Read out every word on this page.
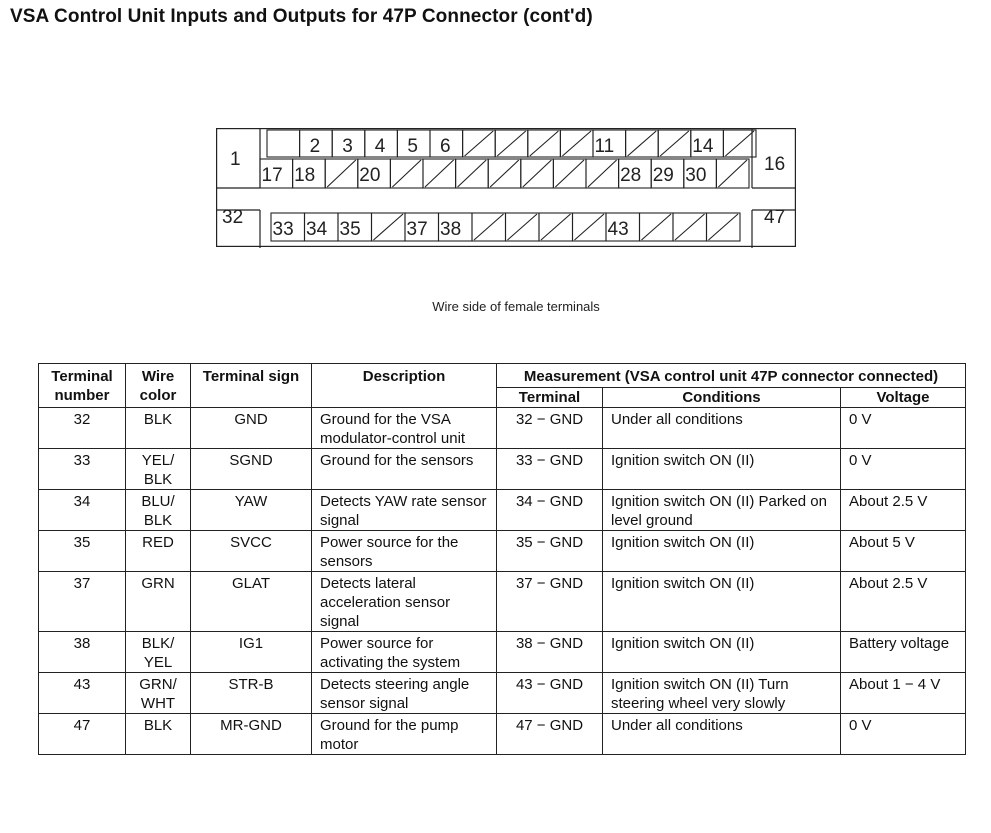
VSA Control Unit Inputs and Outputs for 47P Connector (cont'd)
2 3 4 5 6	11	14
17 18 20	28 29 30
33 34 35 37 38	43
1
32
16
47
Wire side of female terminals
Terminal number	Wire color	Terminal sign	Description	Measurement (VSA control unit 47P connector connected)		
				Terminal	Conditions	Voltage
32	BLK	GND	Ground for the VSA modulator-control unit	32 − GND	Under all conditions	0 V
33	YEL/ BLK	SGND	Ground for the sensors	33 − GND	Ignition switch ON (II)	0 V
34	BLU/ BLK	YAW	Detects YAW rate sensor signal	34 − GND	Ignition switch ON (II) Parked on level ground	About 2.5 V
35	RED	SVCC	Power source for the sensors	35 − GND	Ignition switch ON (II)	About 5 V
37	GRN	GLAT	Detects lateral acceleration sensor signal	37 − GND	Ignition switch ON (II)	About 2.5 V
38	BLK/ YEL	IG1	Power source for activating the system	38 − GND	Ignition switch ON (II)	Battery voltage
43	GRN/ WHT	STR-B	Detects steering angle sensor signal	43 − GND	Ignition switch ON (II) Turn steering wheel very slowly	About 1 − 4 V
47	BLK	MR-GND	Ground for the pump motor	47 − GND	Under all conditions	0 V
